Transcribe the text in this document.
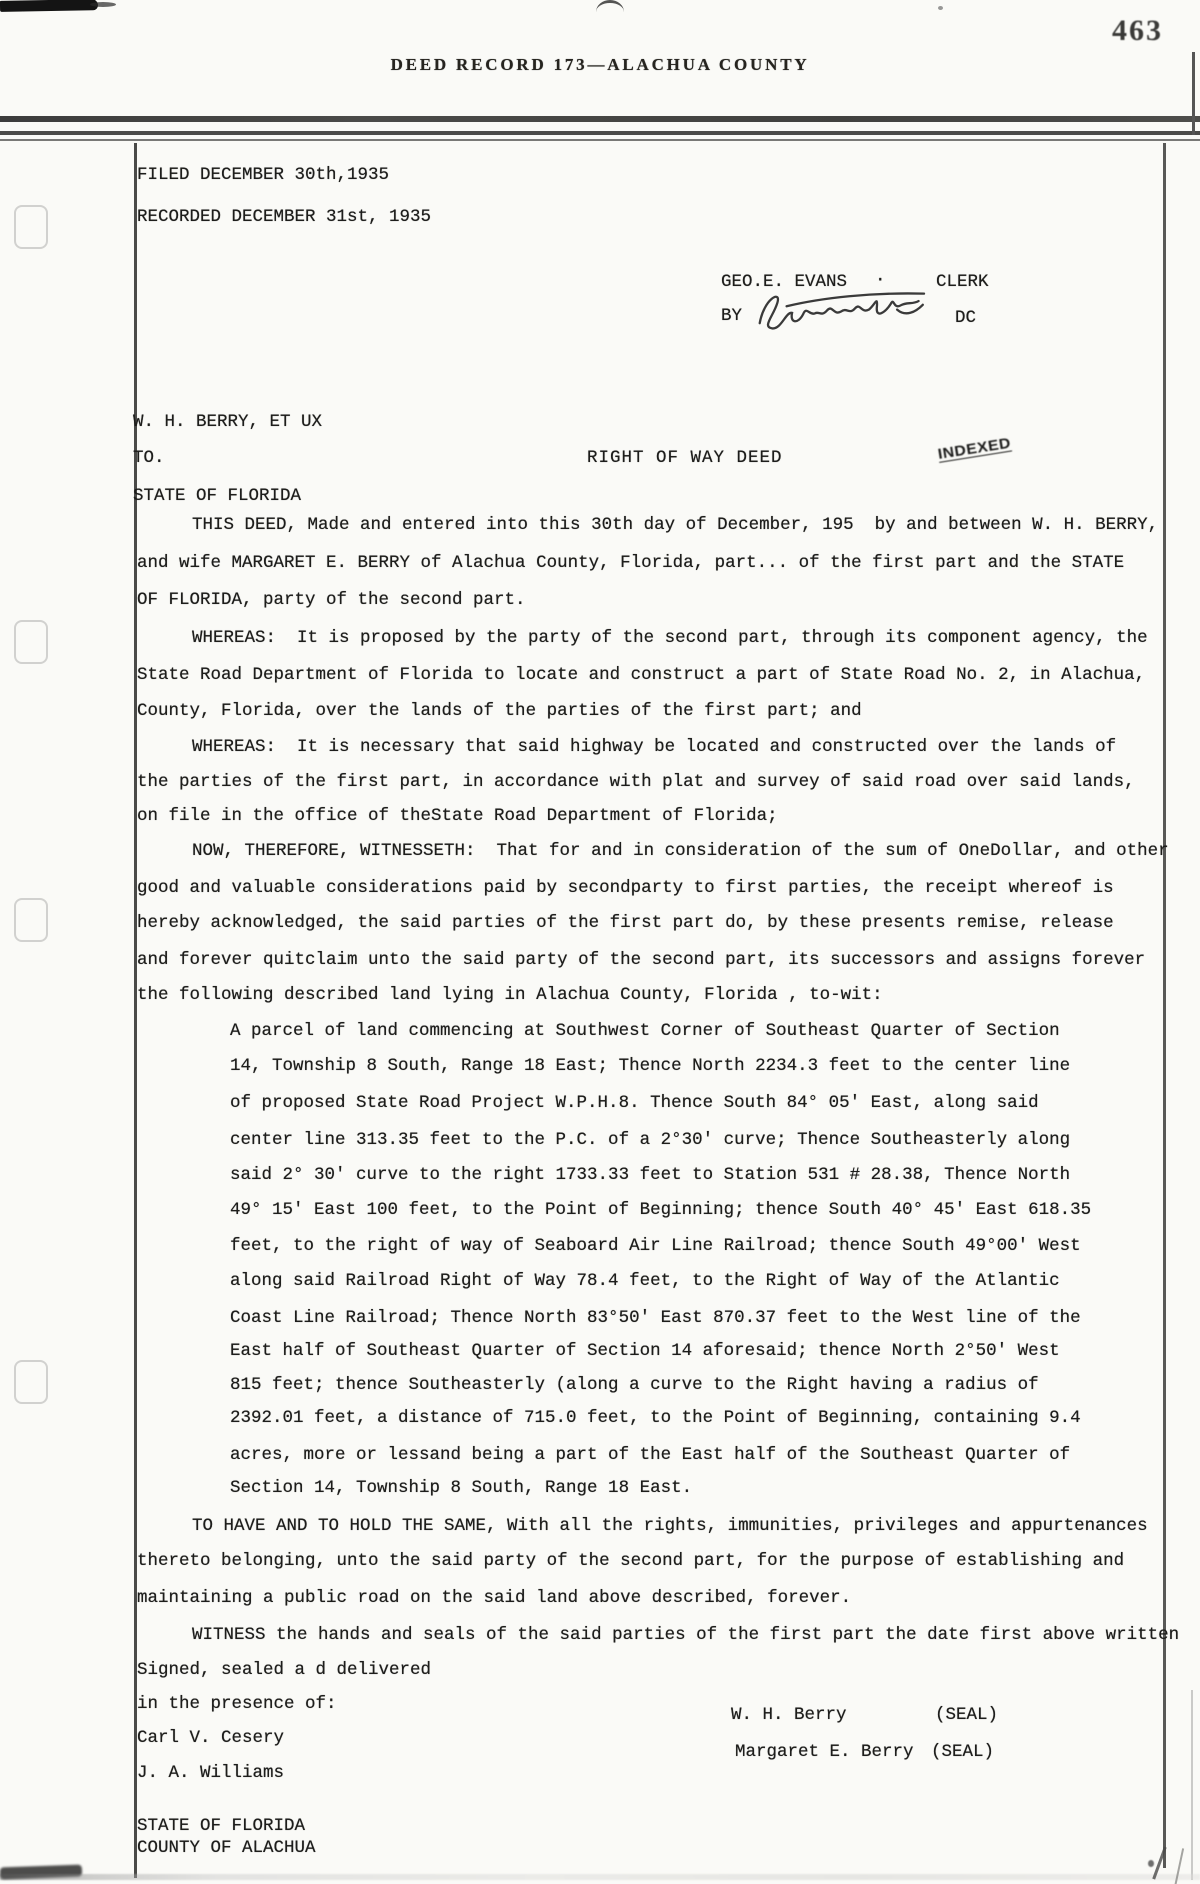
463
DEED RECORD 173—ALACHUA COUNTY
FILED DECEMBER 30th,1935
RECORDED DECEMBER 31st, 1935
GEO.E. EVANS ·	CLERK
BY	DC
W. H. BERRY, ET UX
TO.	RIGHT OF WAY DEED	INDEXED
STATE OF FLORIDA
THIS DEED, Made and entered into this 30th day of December, 195  by and between W. H. BERRY,
and wife MARGARET E. BERRY of Alachua County, Florida, part... of the first part and the STATE
OF FLORIDA, party of the second part.
WHEREAS:  It is proposed by the party of the second part, through its component agency, the
State Road Department of Florida to locate and construct a part of State Road No. 2, in Alachua,
County, Florida, over the lands of the parties of the first part; and
WHEREAS:  It is necessary that said highway be located and constructed over the lands of
the parties of the first part, in accordance with plat and survey of said road over said lands,
on file in the office of theState Road Department of Florida;
NOW, THEREFORE, WITNESSETH:  That for and in consideration of the sum of OneDollar, and other
good and valuable considerations paid by secondparty to first parties, the receipt whereof is
hereby acknowledged, the said parties of the first part do, by these presents remise, release
and forever quitclaim unto the said party of the second part, its successors and assigns forever
the following described land lying in Alachua County, Florida , to-wit:
A parcel of land commencing at Southwest Corner of Southeast Quarter of Section
14, Township 8 South, Range 18 East; Thence North 2234.3 feet to the center line
of proposed State Road Project W.P.H.8. Thence South 84° 05' East, along said
center line 313.35 feet to the P.C. of a 2°30' curve; Thence Southeasterly along
said 2° 30' curve to the right 1733.33 feet to Station 531 # 28.38, Thence North
49° 15' East 100 feet, to the Point of Beginning; thence South 40° 45' East 618.35
feet, to the right of way of Seaboard Air Line Railroad; thence South 49°00' West
along said Railroad Right of Way 78.4 feet, to the Right of Way of the Atlantic
Coast Line Railroad; Thence North 83°50' East 870.37 feet to the West line of the
East half of Southeast Quarter of Section 14 aforesaid; thence North 2°50' West
815 feet; thence Southeasterly (along a curve to the Right having a radius of
2392.01 feet, a distance of 715.0 feet, to the Point of Beginning, containing 9.4
acres, more or lessand being a part of the East half of the Southeast Quarter of
Section 14, Township 8 South, Range 18 East.
TO HAVE AND TO HOLD THE SAME, With all the rights, immunities, privileges and appurtenances
thereto belonging, unto the said party of the second part, for the purpose of establishing and
maintaining a public road on the said land above described, forever.
WITNESS the hands and seals of the said parties of the first part the date first above written
Signed, sealed a d delivered
in the presence of:
W. H. Berry	(SEAL)
Carl V. Cesery
Margaret E. Berry (SEAL)
J. A. Williams
STATE OF FLORIDA
COUNTY OF ALACHUA
